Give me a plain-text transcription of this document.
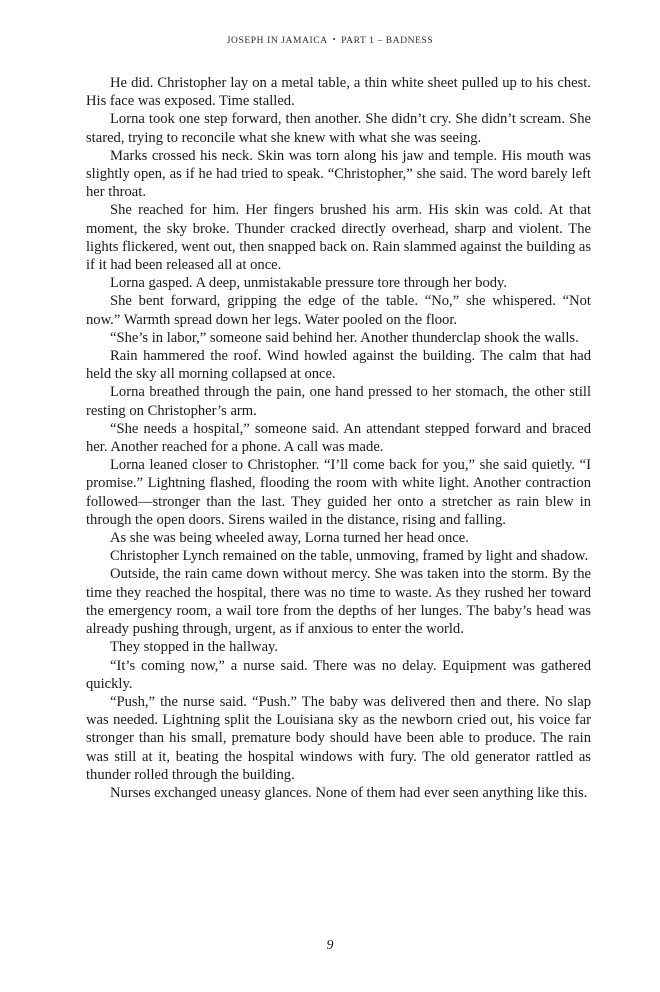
JOSEPH IN JAMAICA • PART 1 – BADNESS

He did. Christopher lay on a metal table, a thin white sheet pulled up to his chest. His face was exposed. Time stalled.

Lorna took one step forward, then another. She didn’t cry. She didn’t scream. She stared, trying to reconcile what she knew with what she was seeing.

Marks crossed his neck. Skin was torn along his jaw and temple. His mouth was slightly open, as if he had tried to speak. “Christopher,” she said. The word barely left her throat.

She reached for him. Her fingers brushed his arm. His skin was cold. At that moment, the sky broke. Thunder cracked directly overhead, sharp and violent. The lights flickered, went out, then snapped back on. Rain slammed against the building as if it had been released all at once.

Lorna gasped. A deep, unmistakable pressure tore through her body.

She bent forward, gripping the edge of the table. “No,” she whispered. “Not now.” Warmth spread down her legs. Water pooled on the floor.

“She’s in labor,” someone said behind her. Another thunderclap shook the walls.

Rain hammered the roof. Wind howled against the building. The calm that had held the sky all morning collapsed at once.

Lorna breathed through the pain, one hand pressed to her stomach, the other still resting on Christopher’s arm.

“She needs a hospital,” someone said. An attendant stepped forward and braced her. Another reached for a phone. A call was made.

Lorna leaned closer to Christopher. “I’ll come back for you,” she said quietly. “I promise.” Lightning flashed, flooding the room with white light. Another contraction followed—stronger than the last. They guided her onto a stretcher as rain blew in through the open doors. Sirens wailed in the distance, rising and falling.

As she was being wheeled away, Lorna turned her head once.

Christopher Lynch remained on the table, unmoving, framed by light and shadow.

Outside, the rain came down without mercy. She was taken into the storm. By the time they reached the hospital, there was no time to waste. As they rushed her toward the emergency room, a wail tore from the depths of her lunges. The baby’s head was already pushing through, urgent, as if anxious to enter the world.

They stopped in the hallway.

“It’s coming now,” a nurse said. There was no delay. Equipment was gathered quickly.

“Push,” the nurse said. “Push.” The baby was delivered then and there. No slap was needed. Lightning split the Louisiana sky as the newborn cried out, his voice far stronger than his small, premature body should have been able to produce. The rain was still at it, beating the hospital windows with fury. The old generator rattled as thunder rolled through the building.

Nurses exchanged uneasy glances. None of them had ever seen anything like this.

9
